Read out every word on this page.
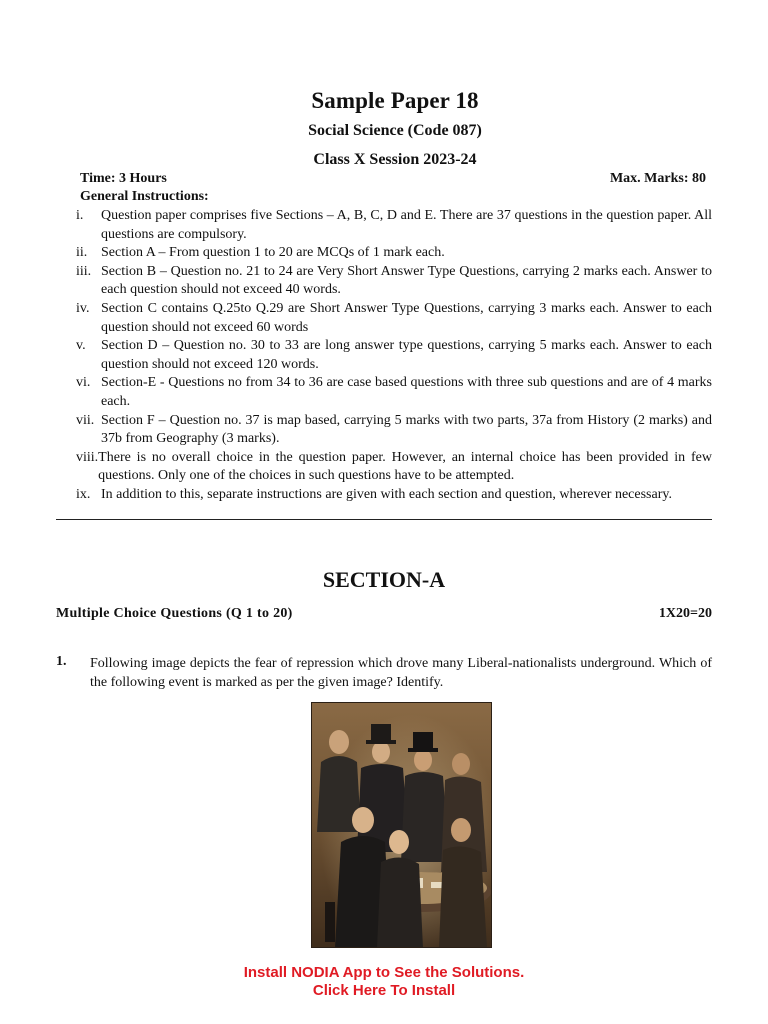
Sample Paper 18
Social Science (Code 087)
Class X Session 2023-24
Time: 3 Hours	Max. Marks: 80
General Instructions:
i.	Question paper comprises five Sections – A, B, C, D and E. There are 37 questions in the question paper. All questions are compulsory.
ii. Section A – From question 1 to 20 are MCQs of 1 mark each.
iii. Section B – Question no. 21 to 24 are Very Short Answer Type Questions, carrying 2 marks each. Answer to each question should not exceed 40 words.
iv. Section C contains Q.25to Q.29 are Short Answer Type Questions, carrying 3 marks each. Answer to each question should not exceed 60 words
v.	Section D – Question no. 30 to 33 are long answer type questions, carrying 5 marks each. Answer to each question should not exceed 120 words.
vi. Section-E - Questions no from 34 to 36 are case based questions with three sub questions and are of 4 marks each.
vii. Section F – Question no. 37 is map based, carrying 5 marks with two parts, 37a from History (2 marks) and 37b from Geography (3 marks).
viii. There is no overall choice in the question paper. However, an internal choice has been provided in few questions. Only one of the choices in such questions have to be attempted.
ix. In addition to this, separate instructions are given with each section and question, wherever necessary.
SECTION-A
Multiple Choice Questions (Q 1 to 20)	1X20=20
1. Following image depicts the fear of repression which drove many Liberal-nationalists underground. Which of the following event is marked as per the given image? Identify.
Install NODIA App to See the Solutions.
Click Here To Install
